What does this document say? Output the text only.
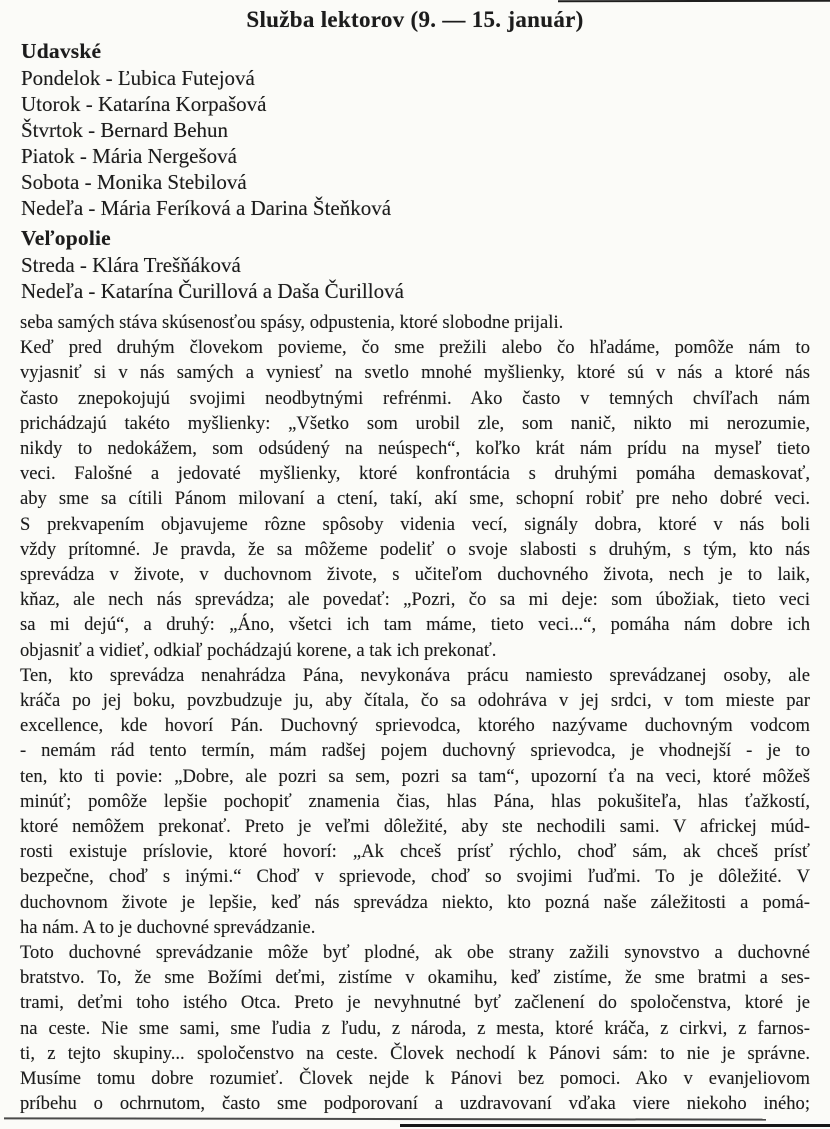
Služba lektorov (9. — 15. január)
Udavské
Pondelok - Ľubica Futejová
Utorok - Katarína Korpašová
Štvrtok - Bernard Behun
Piatok - Mária Nergešová
Sobota - Monika Stebilová
Nedeľa - Mária Feríková a Darina Šteňková
Veľopolie
Streda - Klára Trešňáková
Nedeľa - Katarína Čurillová a Daša Čurillová
seba samých stáva skúsenosťou spásy, odpustenia, ktoré slobodne prijali.
Keď pred druhým človekom povieme, čo sme prežili alebo čo hľadáme, pomôže nám to
vyjasniť si v nás samých a vyniesť na svetlo mnohé myšlienky, ktoré sú v nás a ktoré nás
často znepokojujú svojimi neodbytnými refrénmi. Ako často v temných chvíľach nám
prichádzajú takéto myšlienky: „Všetko som urobil zle, som nanič, nikto mi nerozumie,
nikdy to nedokážem, som odsúdený na neúspech“, koľko krát nám prídu na myseľ tieto
veci. Falošné a jedovaté myšlienky, ktoré konfrontácia s druhými pomáha demaskovať,
aby sme sa cítili Pánom milovaní a ctení, takí, akí sme, schopní robiť pre neho dobré veci.
S prekvapením objavujeme rôzne spôsoby videnia vecí, signály dobra, ktoré v nás boli
vždy prítomné. Je pravda, že sa môžeme podeliť o svoje slabosti s druhým, s tým, kto nás
sprevádza v živote, v duchovnom živote, s učiteľom duchovného života, nech je to laik,
kňaz, ale nech nás sprevádza; ale povedať: „Pozri, čo sa mi deje: som úbožiak, tieto veci
sa mi dejú“, a druhý: „Áno, všetci ich tam máme, tieto veci...“, pomáha nám dobre ich
objasniť a vidieť, odkiaľ pochádzajú korene, a tak ich prekonať.
Ten, kto sprevádza nenahrádza Pána, nevykonáva prácu namiesto sprevádzanej osoby, ale
kráča po jej boku, povzbudzuje ju, aby čítala, čo sa odohráva v jej srdci, v tom mieste par
excellence, kde hovorí Pán. Duchovný sprievodca, ktorého nazývame duchovným vodcom
- nemám rád tento termín, mám radšej pojem duchovný sprievodca, je vhodnejší - je to
ten, kto ti povie: „Dobre, ale pozri sa sem, pozri sa tam“, upozorní ťa na veci, ktoré môžeš
minúť; pomôže lepšie pochopiť znamenia čias, hlas Pána, hlas pokušiteľa, hlas ťažkostí,
ktoré nemôžem prekonať. Preto je veľmi dôležité, aby ste nechodili sami. V africkej múd-
rosti existuje príslovie, ktoré hovorí: „Ak chceš prísť rýchlo, choď sám, ak chceš prísť
bezpečne, choď s inými.“ Choď v sprievode, choď so svojimi ľuďmi. To je dôležité. V
duchovnom živote je lepšie, keď nás sprevádza niekto, kto pozná naše záležitosti a pomá-
ha nám. A to je duchovné sprevádzanie.
Toto duchovné sprevádzanie môže byť plodné, ak obe strany zažili synovstvo a duchovné
bratstvo. To, že sme Božími deťmi, zistíme v okamihu, keď zistíme, že sme bratmi a ses-
trami, deťmi toho istého Otca. Preto je nevyhnutné byť začlenení do spoločenstva, ktoré je
na ceste. Nie sme sami, sme ľudia z ľudu, z národa, z mesta, ktoré kráča, z cirkvi, z farnos-
ti, z tejto skupiny... spoločenstvo na ceste. Človek nechodí k Pánovi sám: to nie je správne.
Musíme tomu dobre rozumieť. Človek nejde k Pánovi bez pomoci. Ako v evanjeliovom
príbehu o ochrnutom, často sme podporovaní a uzdravovaní vďaka viere niekoho iného;
